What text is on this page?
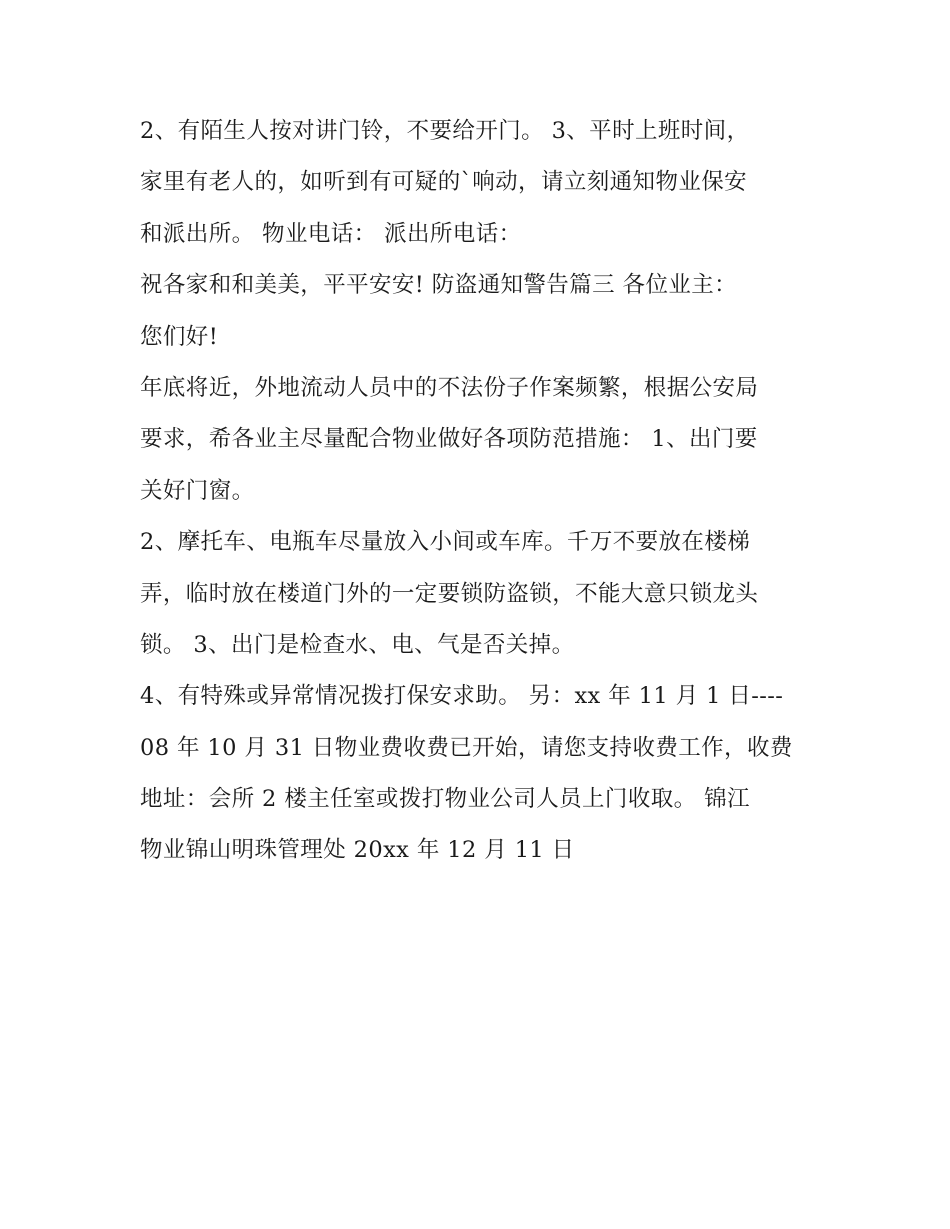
2、有陌生人按对讲门铃，不要给开门。 3、平时上班时间，
家里有老人的，如听到有可疑的`响动，请立刻通知物业保安
和派出所。 物业电话： 派出所电话：
祝各家和和美美，平平安安! 防盗通知警告篇三 各位业主：
您们好!
年底将近，外地流动人员中的不法份子作案频繁，根据公安局
要求，希各业主尽量配合物业做好各项防范措施： 1、出门要
关好门窗。
2、摩托车、电瓶车尽量放入小间或车库。千万不要放在楼梯
弄，临时放在楼道门外的一定要锁防盗锁，不能大意只锁龙头
锁。 3、出门是检查水、电、气是否关掉。
4、有特殊或异常情况拨打保安求助。 另：xx 年 11 月 1 日----
08 年 10 月 31 日物业费收费已开始，请您支持收费工作，收费
地址：会所 2 楼主任室或拨打物业公司人员上门收取。 锦江
物业锦山明珠管理处 20xx 年 12 月 11 日
